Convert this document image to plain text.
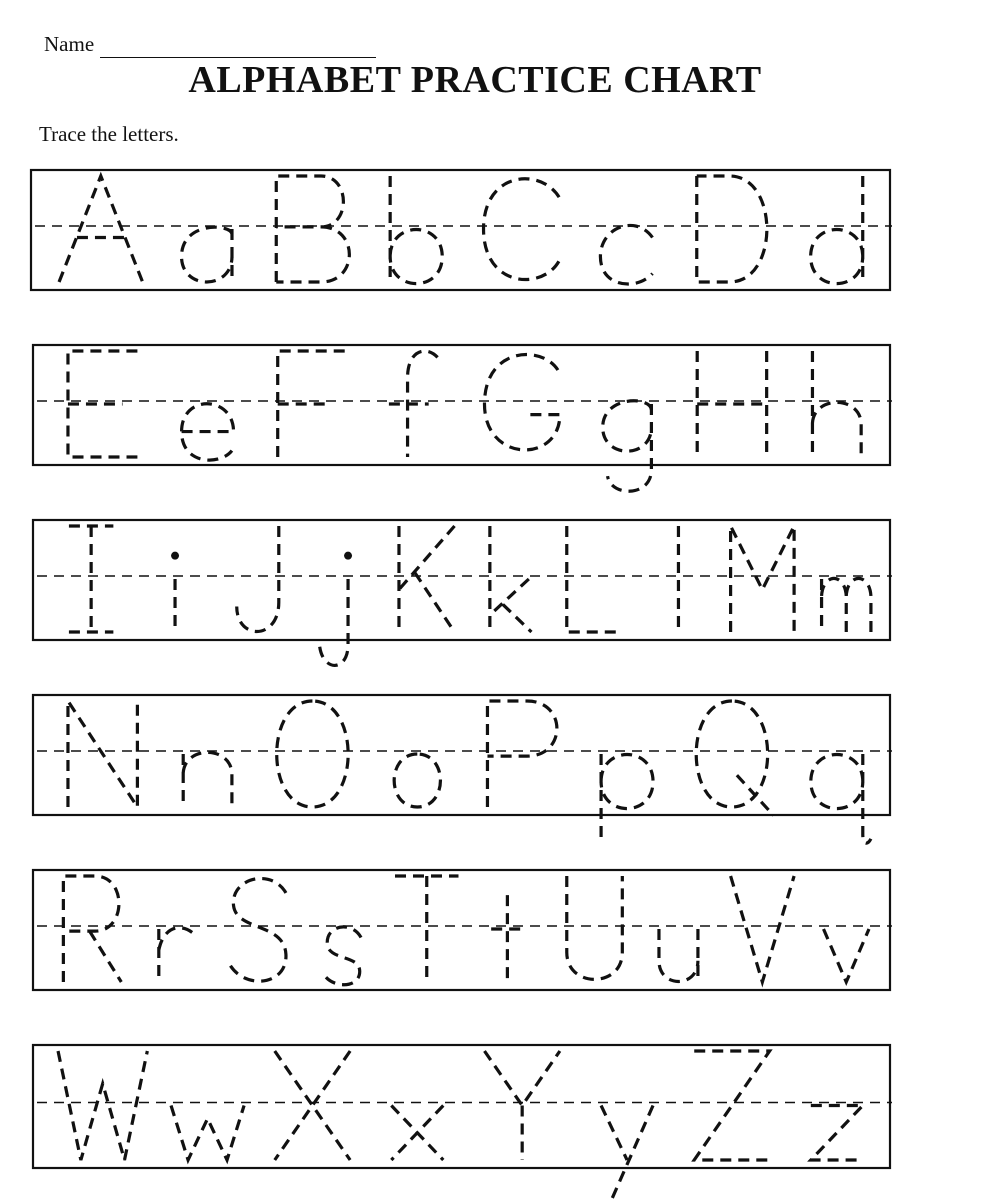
Name
ALPHABET PRACTICE CHART

Trace the letters.
